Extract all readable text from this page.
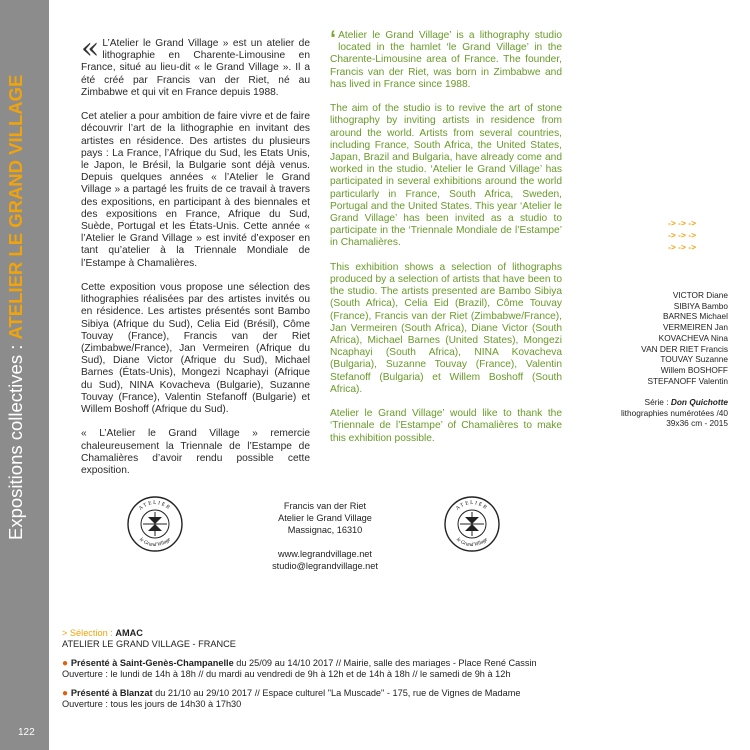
Expositions collectives : ATELIER LE GRAND VILLAGE
122

« L’Atelier le Grand Village » est un atelier de lithographie en Charente-Limousine en France, situé au lieu-dit « le Grand Village ». Il a été créé par Francis van der Riet, né au Zimbabwe et qui vit en France depuis 1988.

Cet atelier a pour ambition de faire vivre et de faire découvrir l’art de la lithographie en invitant des artistes en résidence. Des artistes du plusieurs pays : La France, l’Afrique du Sud, les Etats Unis, le Japon, le Brésil, la Bulgarie sont déjà venus. Depuis quelques années « l’Atelier le Grand Village » a partagé les fruits de ce travail à travers des expositions, en participant à des biennales et des expositions en France, Afrique du Sud, Suède, Portugal et les États-Unis. Cette année « l’Atelier le Grand Village » est invité d’exposer en tant qu’atelier à la Triennale Mondiale de l’Estampe à Chamalières.

Cette exposition vous propose une sélection des lithographies réalisées par des artistes invités ou en résidence. Les artistes présentés sont Bambo Sibiya (Afrique du Sud), Celia Eid (Brésil), Côme Touvay (France), Francis van der Riet (Zimbabwe/France), Jan Vermeiren (Afrique du Sud), Diane Victor (Afrique du Sud), Michael Barnes (États-Unis), Mongezi Ncaphayi (Afrique du Sud), NINA Kovacheva (Bulgarie), Suzanne Touvay (France), Valentin Stefanoff (Bulgarie) et Willem Boshoff (Afrique du Sud).

« L’Atelier le Grand Village » remercie chaleureusement la Triennale de l’Estampe de Chamalières d’avoir rendu possible cette exposition.

‘ Atelier le Grand Village’ is a lithography studio located in the hamlet ‘le Grand Village’ in the Charente-Limousine area of France. The founder, Francis van der Riet, was born in Zimbabwe and has lived in France since 1988.

The aim of the studio is to revive the art of stone lithography by inviting artists in residence from around the world. Artists from several countries, including France, South Africa, the United States, Japan, Brazil and Bulgaria, have already come and worked in the studio. ‘Atelier le Grand Village’ has participated in several exhibitions around the world particularly in France, South Africa, Sweden, Portugal and the United States. This year ‘Atelier le Grand Village’ has been invited as a studio to participate in the ‘Triennale Mondiale de l’Estampe’ in Chamalières.

This exhibition shows a selection of lithographs produced by a selection of artists that have been to the studio. The artists presented are Bambo Sibiya (South Africa), Celia Eid (Brazil), Côme Touvay (France), Francis van der Riet (Zimbabwe/France), Jan Vermeiren (South Africa), Diane Victor (South Africa), Michael Barnes (United States), Mongezi Ncaphayi (South Africa), NINA Kovacheva (Bulgaria), Suzanne Touvay (France), Valentin Stefanoff (Bulgaria) et Willem Boshoff (South Africa).

Atelier le Grand Village’ would like to thank the ‘Triennale de l’Estampe’ of Chamalières to make this exhibition possible.

-> -> ->
-> -> ->
-> -> ->
VICTOR Diane
SIBIYA Bambo
BARNES Michael
VERMEIREN Jan
KOVACHEVA Nina
VAN DER RIET Francis
TOUVAY Suzanne
Willem BOSHOFF
STEFANOFF Valentin
Série : Don Quichotte
lithographies numérotées /40
39x36 cm - 2015
ATELIER
le Grand Village
ATELIER
le Grand Village
Francis van der Riet
Atelier le Grand Village
Massignac, 16310
www.legrandvillage.net
studio@legrandvillage.net
> Sélection : AMAC
ATELIER LE GRAND VILLAGE - FRANCE
● Présenté à Saint-Genès-Champanelle du 25/09 au 14/10 2017 // Mairie, salle des mariages - Place René Cassin
Ouverture : le lundi de 14h à 18h // du mardi au vendredi de 9h à 12h et de 14h à 18h // le samedi de 9h à 12h
● Présenté à Blanzat du 21/10 au 29/10 2017 // Espace culturel "La Muscade" - 175, rue de Vignes de Madame
Ouverture : tous les jours de 14h30 à 17h30
